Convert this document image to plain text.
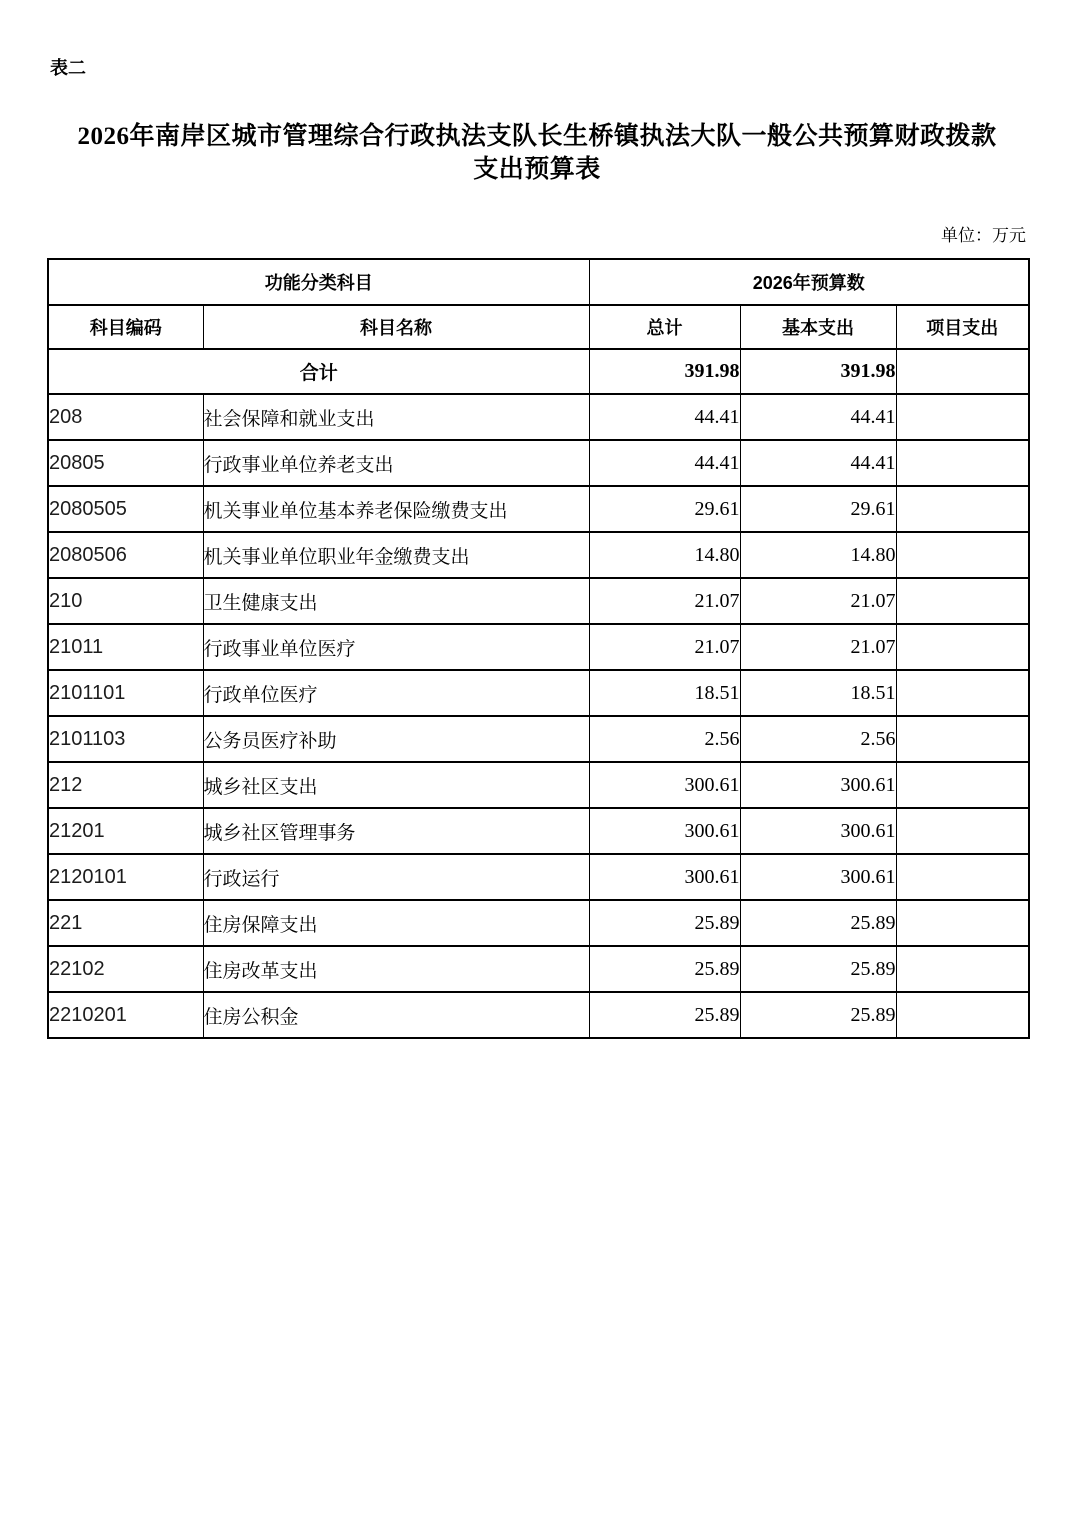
表二
2026年南岸区城市管理综合行政执法支队长生桥镇执法大队一般公共预算财政拨款
支出预算表
单位：万元
功能分类科目		2026年预算数		
科目编码	科目名称	总计	基本支出	项目支出
合计		391.98	391.98	
208	社会保障和就业支出	44.41	44.41	
20805	行政事业单位养老支出	44.41	44.41	
2080505	机关事业单位基本养老保险缴费支出	29.61	29.61	
2080506	机关事业单位职业年金缴费支出	14.80	14.80	
210	卫生健康支出	21.07	21.07	
21011	行政事业单位医疗	21.07	21.07	
2101101	行政单位医疗	18.51	18.51	
2101103	公务员医疗补助	2.56	2.56	
212	城乡社区支出	300.61	300.61	
21201	城乡社区管理事务	300.61	300.61	
2120101	行政运行	300.61	300.61	
221	住房保障支出	25.89	25.89	
22102	住房改革支出	25.89	25.89	
2210201	住房公积金	25.89	25.89	
